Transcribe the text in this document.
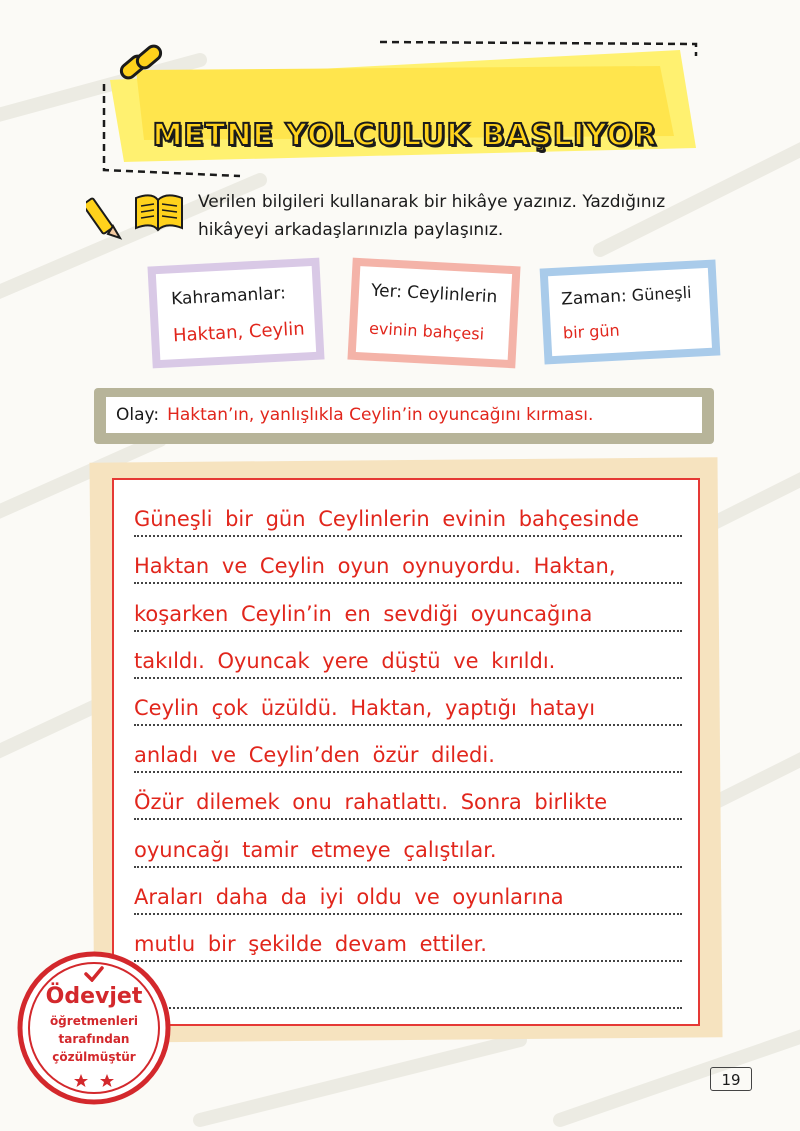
METNE YOLCULUK BAŞLIYOR
Verilen bilgileri kullanarak bir hikâye yazınız. Yazdığınız hikâyeyi arkadaşlarınızla paylaşınız.
Kahramanlar:
Haktan, Ceylin
Yer: Ceylinlerin
evinin bahçesi
Zaman: Güneşli
bir gün
Olay: Haktan’ın, yanlışlıkla Ceylin’in oyuncağını kırması.
Güneşli bir gün Ceylinlerin evinin bahçesinde
Haktan ve Ceylin oyun oynuyordu. Haktan,
koşarken Ceylin’in en sevdiği oyuncağına
takıldı. Oyuncak yere düştü ve kırıldı.
Ceylin çok üzüldü. Haktan, yaptığı hatayı
anladı ve Ceylin’den özür diledi.
Özür dilemek onu rahatlattı. Sonra birlikte
oyuncağı tamir etmeye çalıştılar.
Araları daha da iyi oldu ve oyunlarına
mutlu bir şekilde devam ettiler.
Ödevjet
öğretmenleri
tarafından
çözülmüştür
19
